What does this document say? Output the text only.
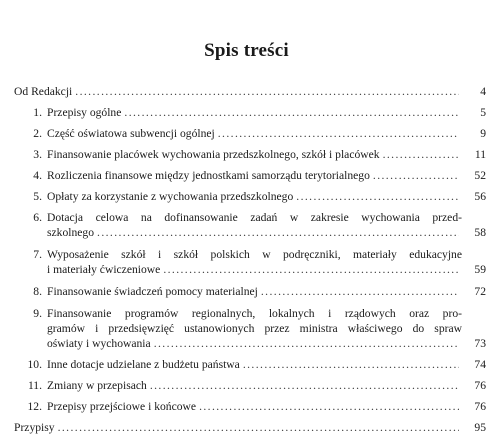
Spis treści
Od Redakcji .....	4
1. Przepisy ogólne .....	5
2. Część oświatowa subwencji ogólnej .....	9
3. Finansowanie placówek wychowania przedszkolnego, szkół i placówek .....	11
4. Rozliczenia finansowe między jednostkami samorządu terytorialnego .....	52
5. Opłaty za korzystanie z wychowania przedszkolnego .....	56
6. Dotacja celowa na dofinansowanie zadań w zakresie wychowania przed-
szkolnego .....	58
7. Wyposażenie szkół i szkół polskich w podręczniki, materiały edukacyjne
i materiały ćwiczeniowe .....	59
8. Finansowanie świadczeń pomocy materialnej .....	72
9. Finansowanie programów regionalnych, lokalnych i rządowych oraz pro-
gramów i przedsięwzięć ustanowionych przez ministra właściwego do spraw
oświaty i wychowania .....	73
10. Inne dotacje udzielane z budżetu państwa .....	74
11. Zmiany w przepisach .....	76
12. Przepisy przejściowe i końcowe .....	76
Przypisy .....	95
